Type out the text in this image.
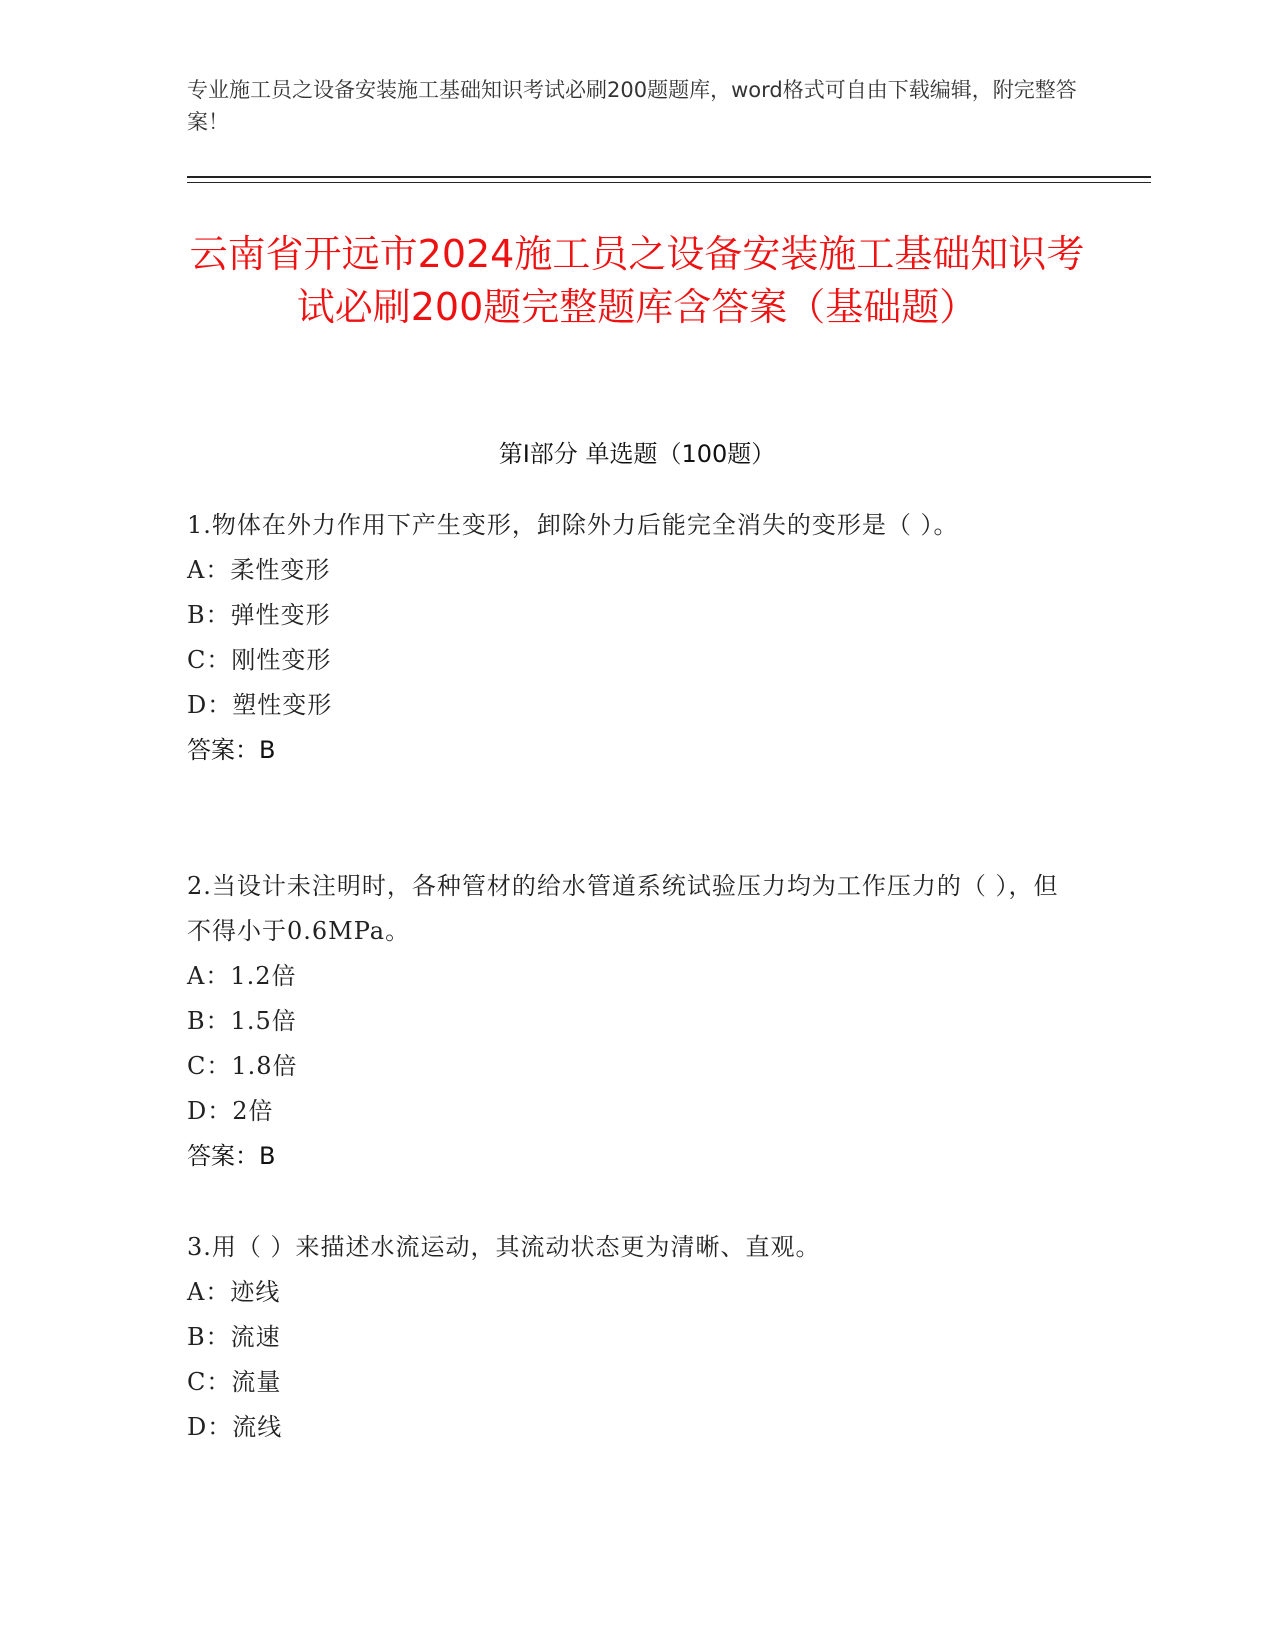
专业施工员之设备安装施工基础知识考试必刷200题题库，word格式可自由下载编辑，附完整答案！
云南省开远市2024施工员之设备安装施工基础知识考试必刷200题完整题库含答案（基础题）
第Ⅰ部分 单选题（100题）
1.物体在外力作用下产生变形，卸除外力后能完全消失的变形是（ ）。
A：柔性变形
B：弹性变形
C：刚性变形
D：塑性变形
答案：B
2.当设计未注明时，各种管材的给水管道系统试验压力均为工作压力的（ ），但不得小于0.6MPa。
A：1.2倍
B：1.5倍
C：1.8倍
D：2倍
答案：B
3.用（ ）来描述水流运动，其流动状态更为清晰、直观。
A：迹线
B：流速
C：流量
D：流线
